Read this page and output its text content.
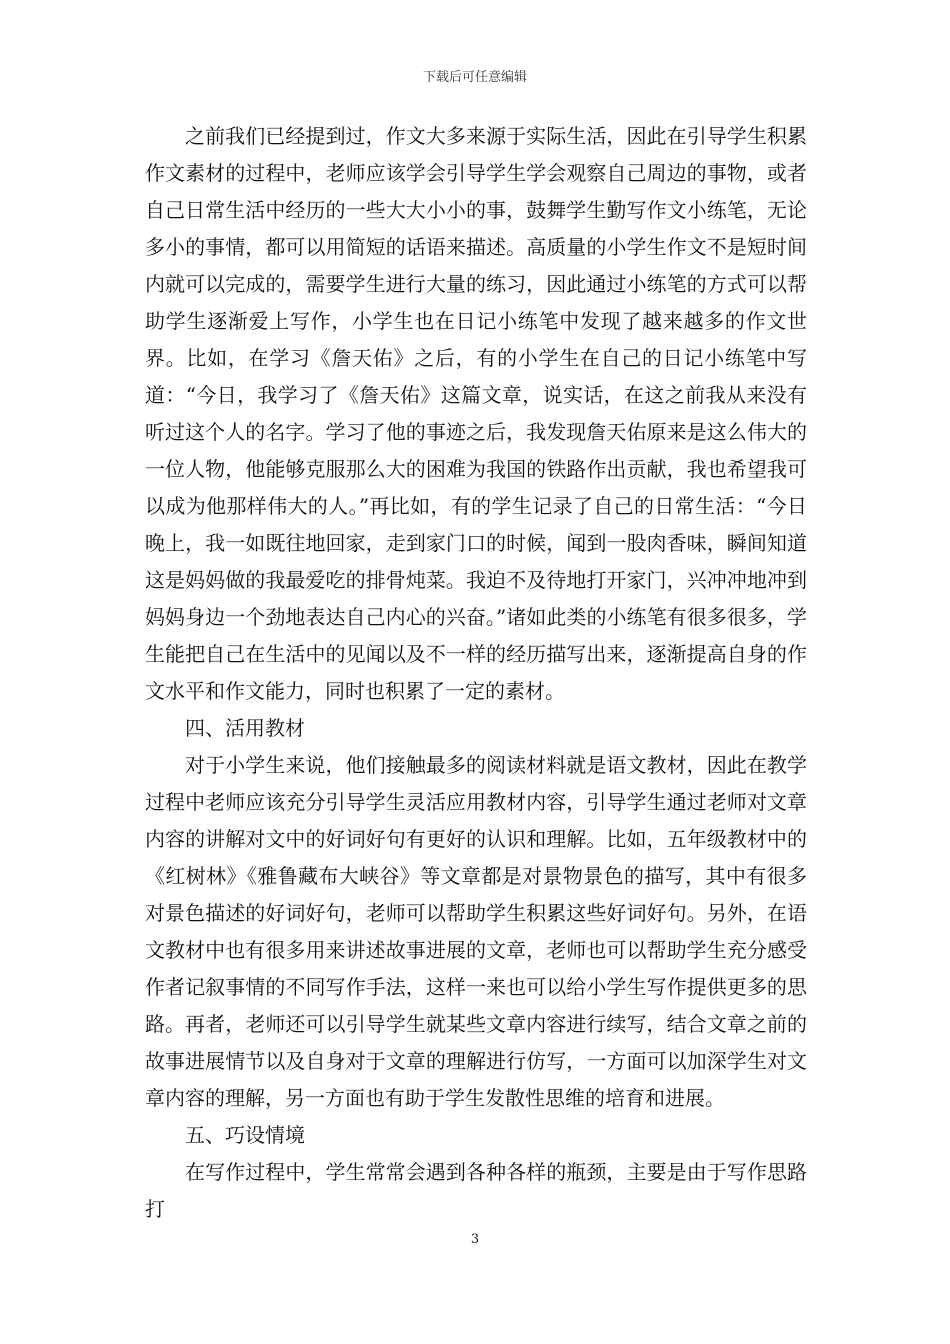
下载后可任意编辑

之前我们已经提到过，作文大多来源于实际生活，因此在引导学生积累作文素材的过程中，老师应该学会引导学生学会观察自己周边的事物，或者自己日常生活中经历的一些大大小小的事，鼓舞学生勤写作文小练笔，无论多小的事情，都可以用简短的话语来描述。高质量的小学生作文不是短时间内就可以完成的，需要学生进行大量的练习，因此通过小练笔的方式可以帮助学生逐渐爱上写作，小学生也在日记小练笔中发现了越来越多的作文世界。比如，在学习《詹天佑》之后，有的小学生在自己的日记小练笔中写道：“今日，我学习了《詹天佑》这篇文章，说实话，在这之前我从来没有听过这个人的名字。学习了他的事迹之后，我发现詹天佑原来是这么伟大的一位人物，他能够克服那么大的困难为我国的铁路作出贡献，我也希望我可以成为他那样伟大的人。”再比如，有的学生记录了自己的日常生活：“今日晚上，我一如既往地回家，走到家门口的时候，闻到一股肉香味，瞬间知道这是妈妈做的我最爱吃的排骨炖菜。我迫不及待地打开家门，兴冲冲地冲到妈妈身边一个劲地表达自己内心的兴奋。”诸如此类的小练笔有很多很多，学生能把自己在生活中的见闻以及不一样的经历描写出来，逐渐提高自身的作文水平和作文能力，同时也积累了一定的素材。

四、活用教材

对于小学生来说，他们接触最多的阅读材料就是语文教材，因此在教学过程中老师应该充分引导学生灵活应用教材内容，引导学生通过老师对文章内容的讲解对文中的好词好句有更好的认识和理解。比如，五年级教材中的《红树林》《雅鲁藏布大峡谷》等文章都是对景物景色的描写，其中有很多对景色描述的好词好句，老师可以帮助学生积累这些好词好句。另外，在语文教材中也有很多用来讲述故事进展的文章，老师也可以帮助学生充分感受作者记叙事情的不同写作手法，这样一来也可以给小学生写作提供更多的思路。再者，老师还可以引导学生就某些文章内容进行续写，结合文章之前的故事进展情节以及自身对于文章的理解进行仿写，一方面可以加深学生对文章内容的理解，另一方面也有助于学生发散性思维的培育和进展。

五、巧设情境

在写作过程中，学生常常会遇到各种各样的瓶颈，主要是由于写作思路打

3
